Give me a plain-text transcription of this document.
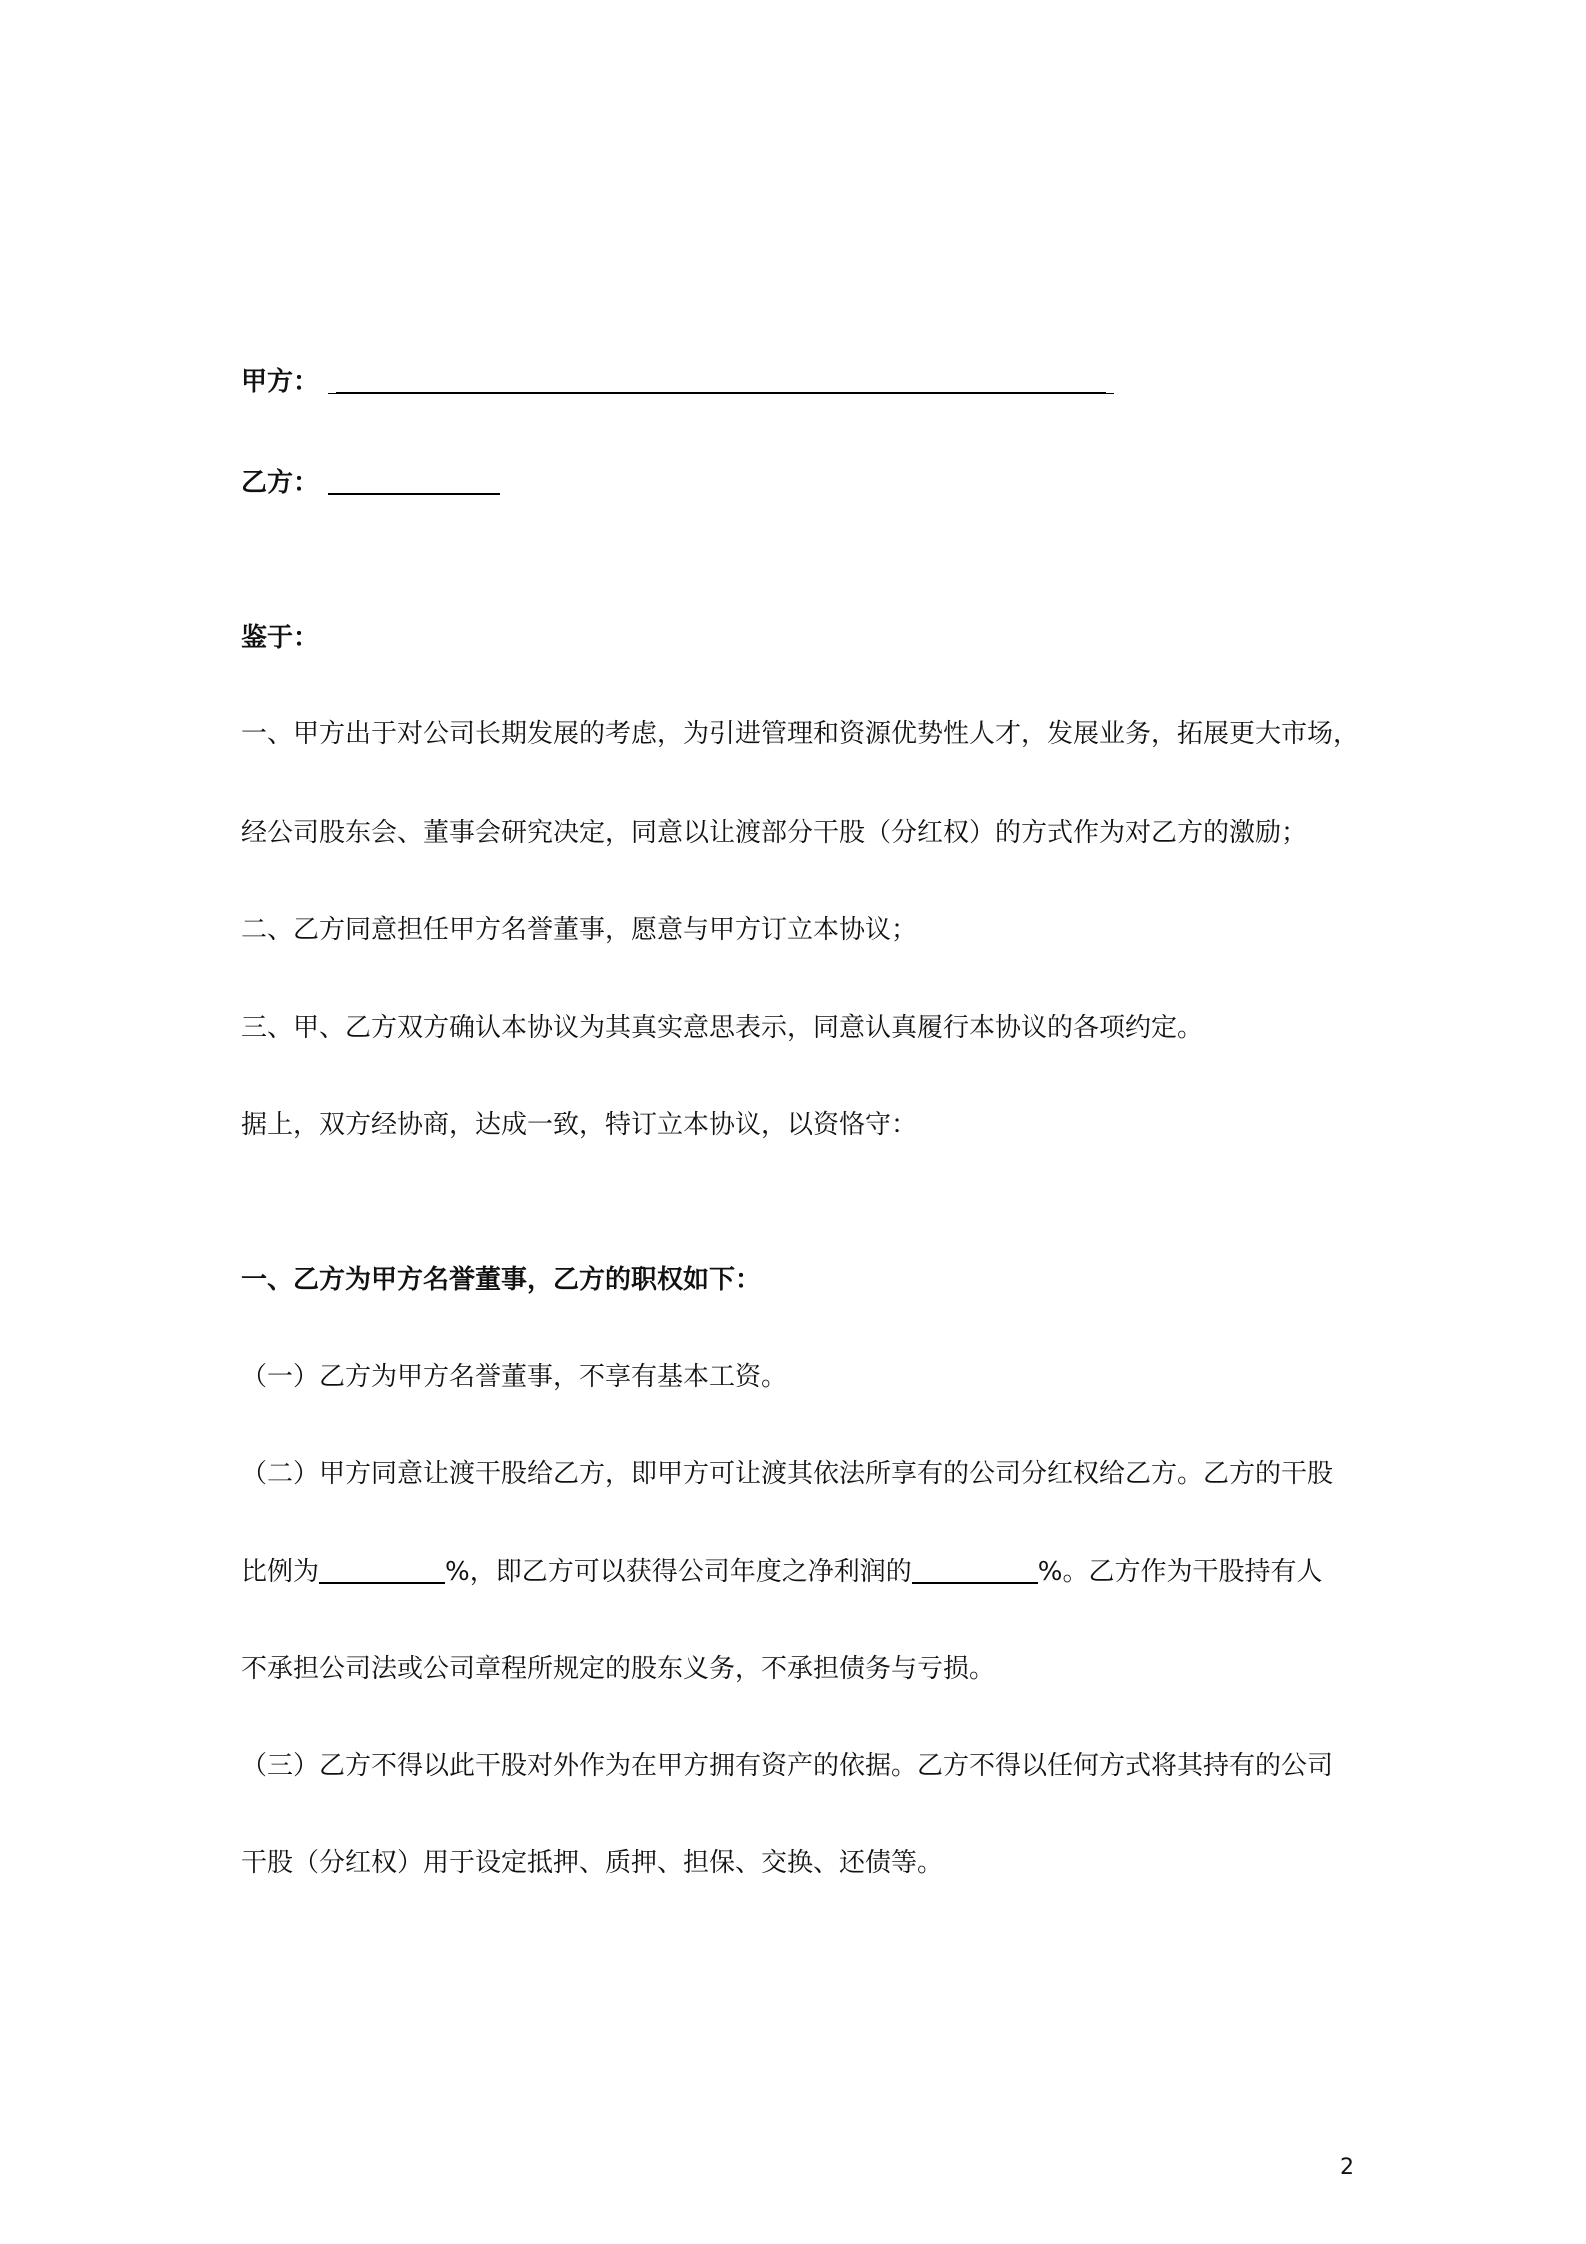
甲方：
乙方：
鉴于：
一、甲方出于对公司长期发展的考虑，为引进管理和资源优势性人才，发展业务，拓展更大市场，
经公司股东会、董事会研究决定，同意以让渡部分干股（分红权）的方式作为对乙方的激励；
二、乙方同意担任甲方名誉董事，愿意与甲方订立本协议；
三、甲、乙方双方确认本协议为其真实意思表示，同意认真履行本协议的各项约定。
据上，双方经协商，达成一致，特订立本协议，以资恪守：
一、乙方为甲方名誉董事，乙方的职权如下：
（一）乙方为甲方名誉董事，不享有基本工资。
（二）甲方同意让渡干股给乙方，即甲方可让渡其依法所享有的公司分红权给乙方。乙方的干股
比例为	%，即乙方可以获得公司年度之净利润的	%。乙方作为干股持有人
不承担公司法或公司章程所规定的股东义务，不承担债务与亏损。
（三）乙方不得以此干股对外作为在甲方拥有资产的依据。乙方不得以任何方式将其持有的公司
干股（分红权）用于设定抵押、质押、担保、交换、还债等。
2
